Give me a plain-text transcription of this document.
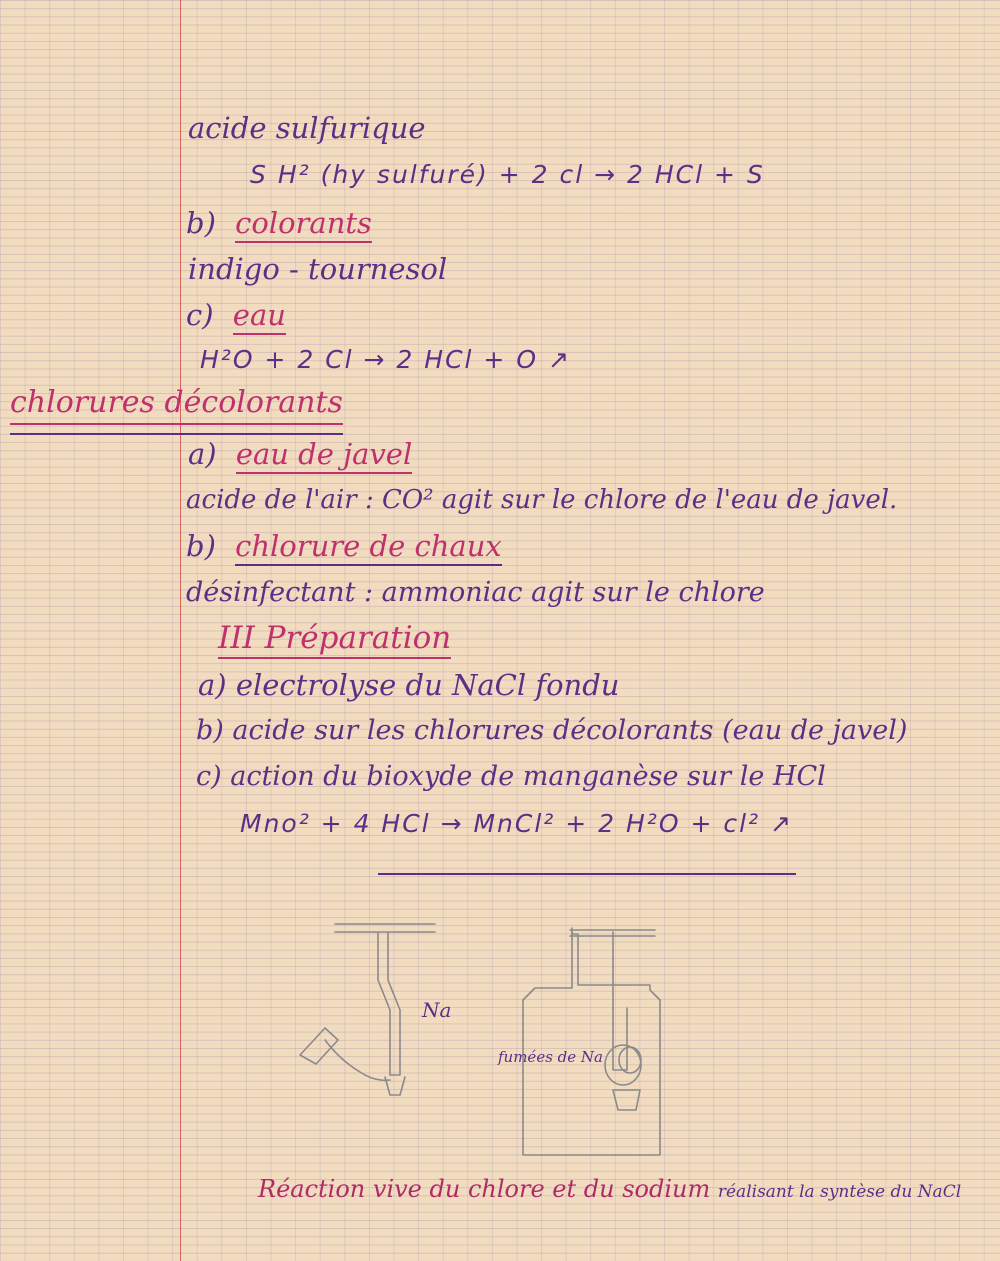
acide sulfurique
S H² (hy sulfuré) + 2 cl → 2 HCl + S
b) colorants
indigo - tournesol
c) eau
H²O + 2 Cl → 2 HCl + O ↗
chlorures décolorants
a) eau de javel
acide de l'air : CO² agit sur le chlore de l'eau de javel.
b) chlorure de chaux
désinfectant : ammoniac agit sur le chlore
III Préparation
a) electrolyse du NaCl fondu
b) acide sur les chlorures décolorants (eau de javel)
c) action du bioxyde de manganèse sur le HCl
Mno² + 4 HCl → MnCl² + 2 H²O + cl² ↗
Na
fumées de Na
Réaction vive du chlore et du sodium réalisant la syntèse du NaCl
